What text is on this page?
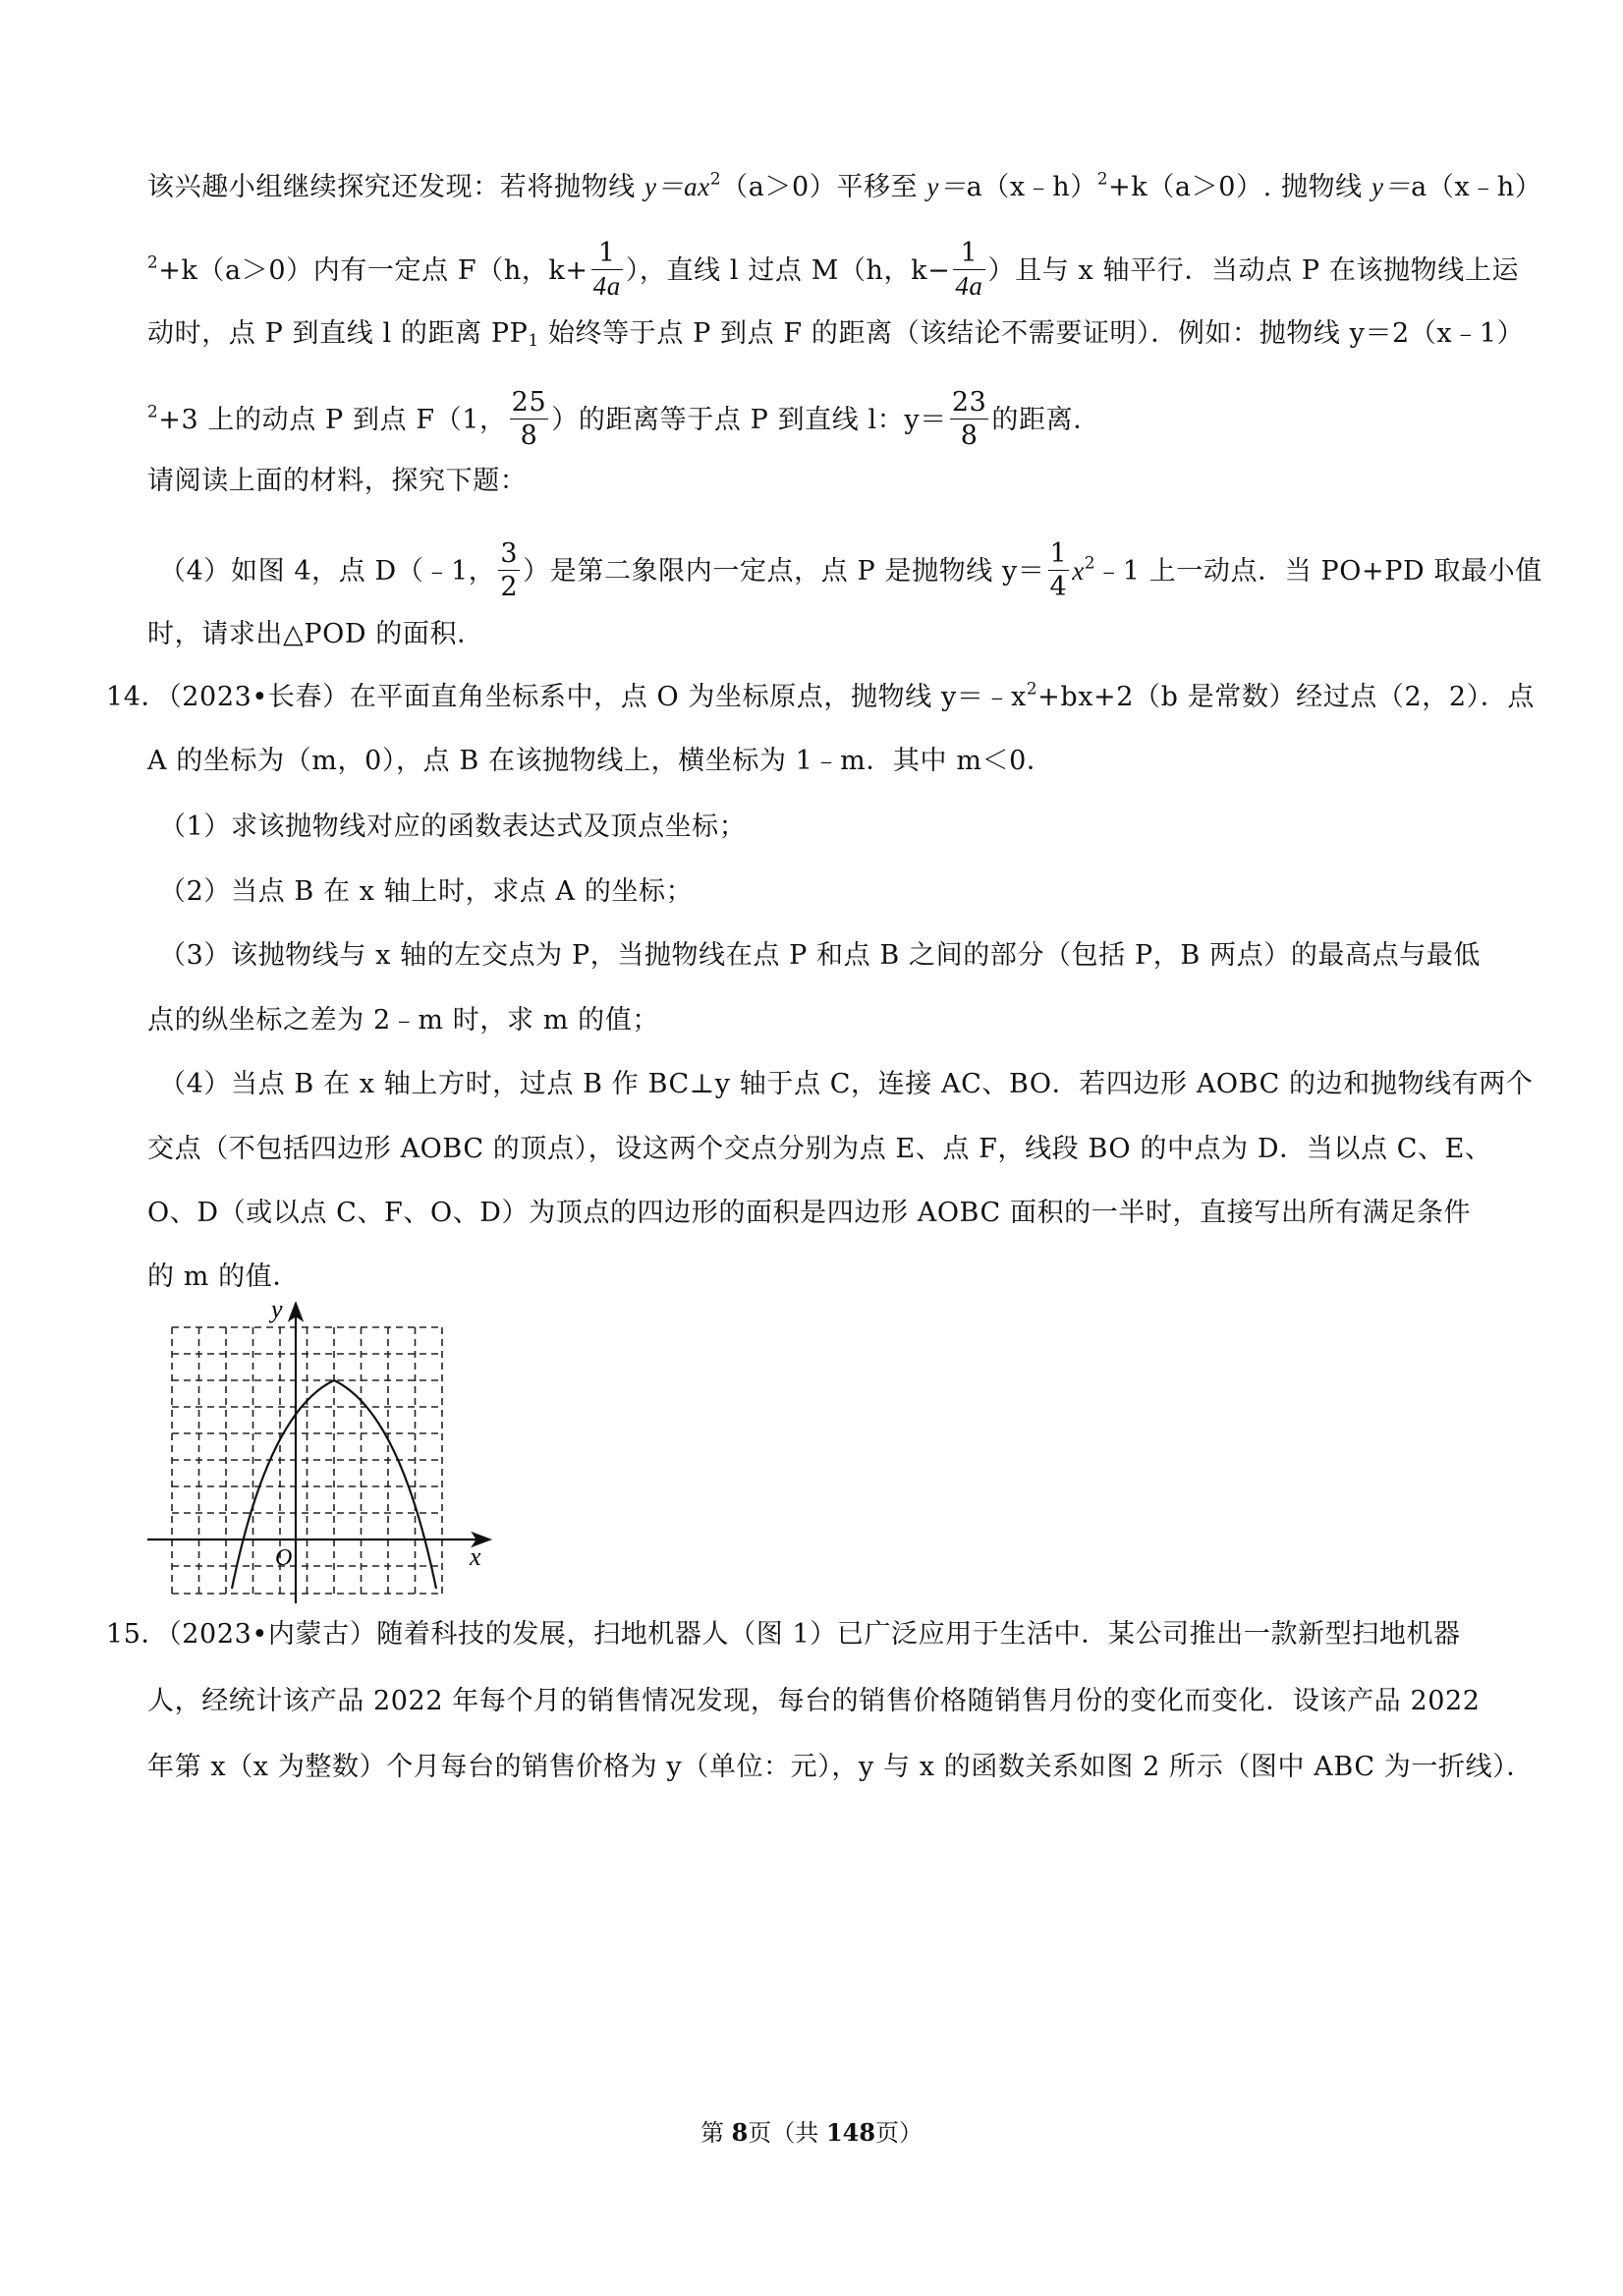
该兴趣小组继续探究还发现：若将抛物线 $y=ax^2(a>0)$平移至 y＝a（x﹣h）$^2$+k（a＞0）. 抛物线 y＝a（x﹣h）
$^2$+k（a＞0）内有一定点 F（h，$k+ \frac{1}{4a}$ ），直线 l 过点 M（h，$k- \frac{1}{4a}$ ）且与 x 轴平行．当动点 P 在该抛物线上运
动时，点 P 到直线 l 的距离 $PP_1$ 始终等于点 P 到点 F 的距离（该结论不需要证明）．例如：抛物线 y＝2（x﹣1）
$^2$+3 上的动点 P 到点 F（1， $\frac{25}{8}$ ）的距离等于点 P 到直线 l：$y= \frac{23}{8}$ 的距离．
请阅读上面的材料，探究下题：
（4）如图 4，点 D（﹣1， $\frac{3}{2}$ ）是第二象限内一定点，点 P 是抛物线 $y= \frac{1}{4}$ $x^2﹣1$ 上一动点．当 PO+PD 取最小值
时，请求出△POD 的面积．
14．（2023•长春）在平面直角坐标系中，点 O 为坐标原点，抛物线 $y=﹣x^2+bx+2(b$ 是常数）经过点（2，2）．点
A 的坐标为（m，0），点 B 在该抛物线上，横坐标为 1﹣m．其中 m＜0．
（1）求该抛物线对应的函数表达式及顶点坐标；
（2）当点 B 在 x 轴上时，求点 A 的坐标；
（3）该抛物线与 x 轴的左交点为 P，当抛物线在点 P 和点 B 之间的部分（包括 P，B 两点）的最高点与最低
点的纵坐标之差为 2﹣m 时，求 m 的值；
（4）当点 B 在 x 轴上方时，过点 B 作 BC⊥y 轴于点 C，连接 AC、BO．若四边形 AOBC 的边和抛物线有两个
交点（不包括四边形 AOBC 的顶点），设这两个交点分别为点 E、点 F，线段 BO 的中点为 D．当以点 C、E、
O、D（或以点 C、F、O、D）为顶点的四边形的面积是四边形 AOBC 面积的一半时，直接写出所有满足条件
的 m 的值．
y
x
O
15．（2023•内蒙古）随着科技的发展，扫地机器人（图 1）已广泛应用于生活中．某公司推出一款新型扫地机器
人，经统计该产品 2022 年每个月的销售情况发现，每台的销售价格随销售月份的变化而变化．设该产品 2022
年第 x（x 为整数）个月每台的销售价格为 y（单位：元），y 与 x 的函数关系如图 2 所示（图中 ABC 为一折线）．
第 8页（共 148页）
